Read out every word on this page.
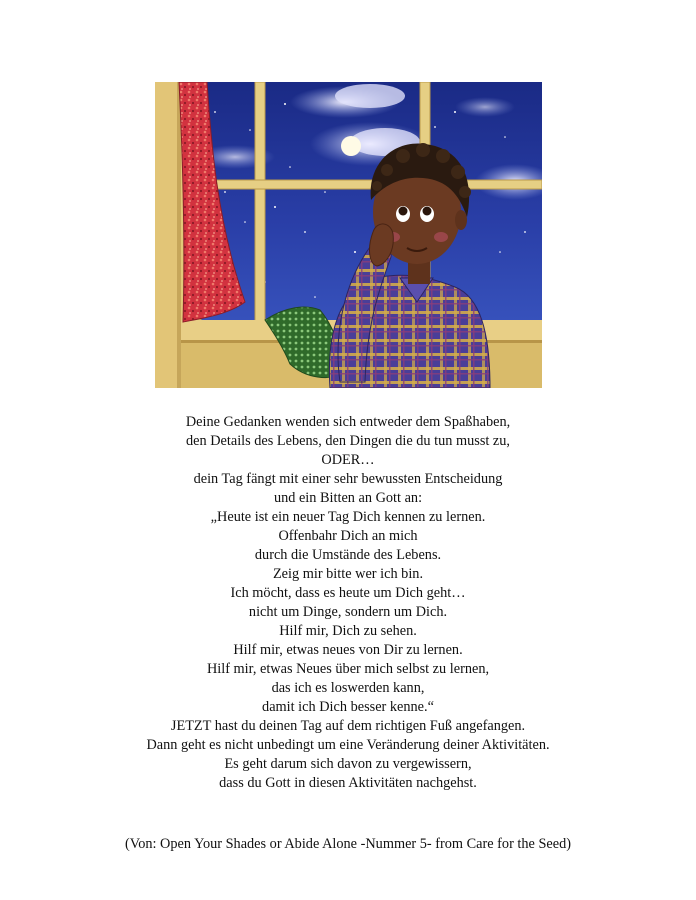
Deine Gedanken wenden sich entweder dem Spaßhaben,
den Details des Lebens, den Dingen die du tun musst zu,
ODER…
dein Tag fängt mit einer sehr bewussten Entscheidung
und ein Bitten an Gott an:
„Heute ist ein neuer Tag Dich kennen zu lernen.
Offenbahr Dich an mich
durch die Umstände des Lebens.
Zeig mir bitte wer ich bin.
Ich möcht, dass es heute um Dich geht…
nicht um Dinge, sondern um Dich.
Hilf mir, Dich zu sehen.
Hilf mir, etwas neues von Dir zu lernen.
Hilf mir, etwas Neues über mich selbst zu lernen,
das ich es loswerden kann,
damit ich Dich besser kenne.“
JETZT hast du deinen Tag auf dem richtigen Fuß angefangen.
Dann geht es nicht unbedingt um eine Veränderung deiner Aktivitäten.
Es geht darum sich davon zu vergewissern,
dass du Gott in diesen Aktivitäten nachgehst.
(Von: Open Your Shades or Abide Alone -Nummer 5- from Care for the Seed)
